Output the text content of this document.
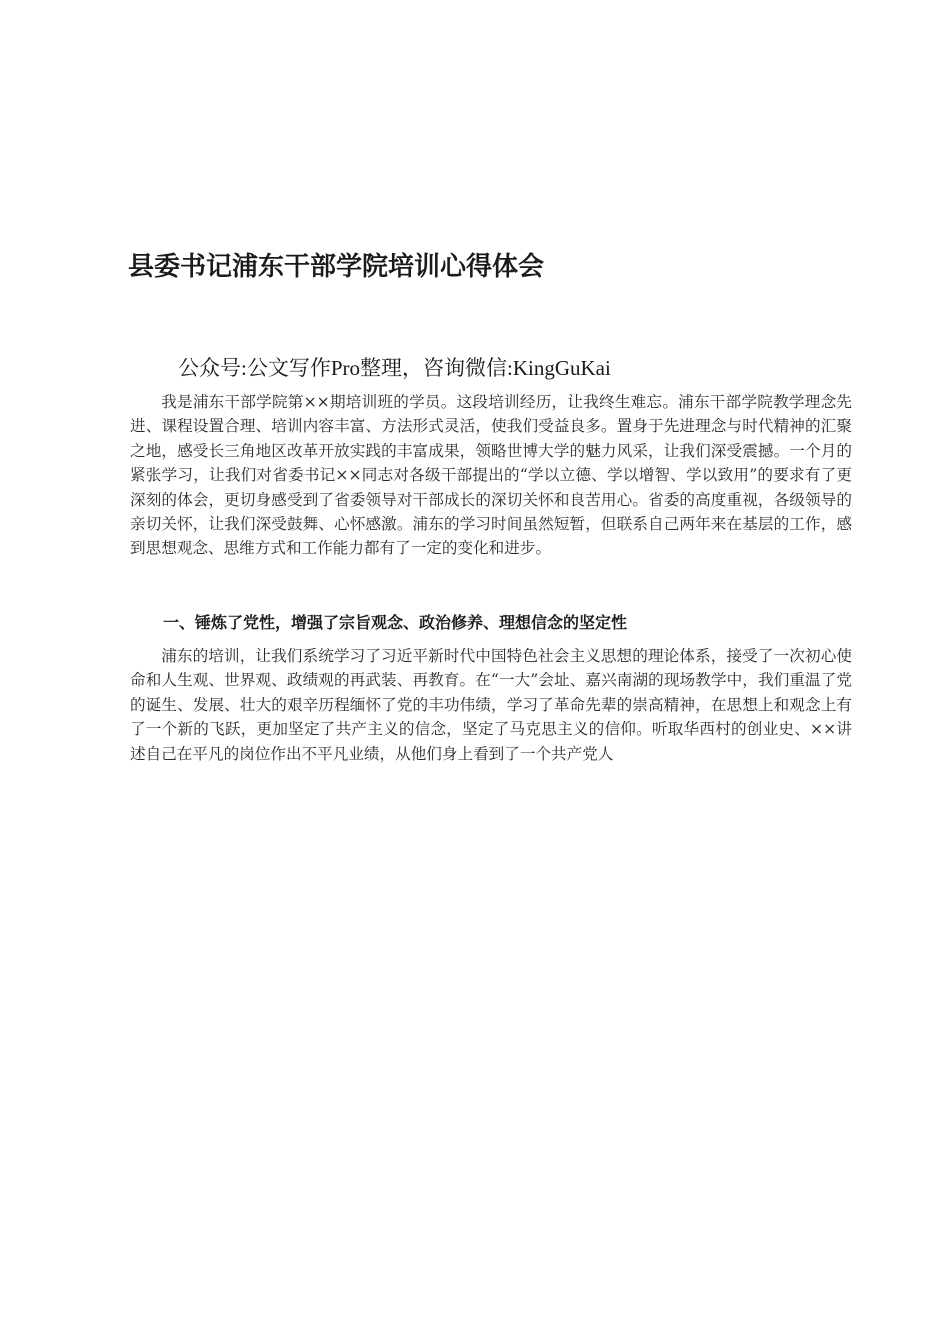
县委书记浦东干部学院培训心得体会
公众号:公文写作Pro整理，咨询微信:KingGuKai

我是浦东干部学院第××期培训班的学员。这段培训经历，让我终生难忘。浦东干部学院教学理念先进、课程设置合理、培训内容丰富、方法形式灵活，使我们受益良多。置身于先进理念与时代精神的汇聚之地，感受长三角地区改革开放实践的丰富成果，领略世博大学的魅力风采，让我们深受震撼。一个月的紧张学习，让我们对省委书记××同志对各级干部提出的“学以立德、学以增智、学以致用”的要求有了更深刻的体会，更切身感受到了省委领导对干部成长的深切关怀和良苦用心。省委的高度重视，各级领导的亲切关怀，让我们深受鼓舞、心怀感激。浦东的学习时间虽然短暂，但联系自己两年来在基层的工作，感到思想观念、思维方式和工作能力都有了一定的变化和进步。

一、锤炼了党性，增强了宗旨观念、政治修养、理想信念的坚定性

浦东的培训，让我们系统学习了习近平新时代中国特色社会主义思想的理论体系，接受了一次初心使命和人生观、世界观、政绩观的再武装、再教育。在“一大”会址、嘉兴南湖的现场教学中，我们重温了党的诞生、发展、壮大的艰辛历程缅怀了党的丰功伟绩，学习了革命先辈的崇高精神，在思想上和观念上有了一个新的飞跃，更加坚定了共产主义的信念，坚定了马克思主义的信仰。听取华西村的创业史、××讲述自己在平凡的岗位作出不平凡业绩，从他们身上看到了一个共产党人
